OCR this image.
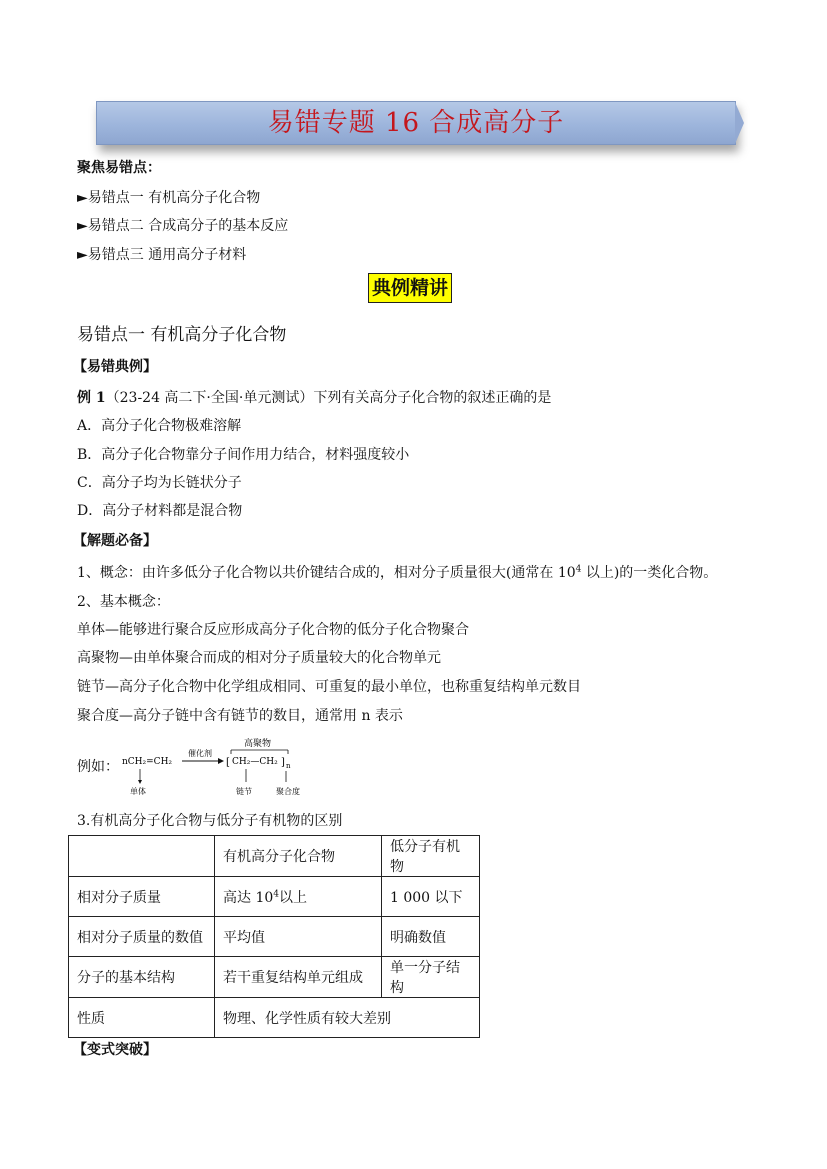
易错专题 16 合成高分子
聚焦易错点：
►易错点一 有机高分子化合物
►易错点二 合成高分子的基本反应
►易错点三 通用高分子材料
典例精讲
易错点一 有机高分子化合物
【易错典例】
例 1（23-24 高二下·全国·单元测试）下列有关高分子化合物的叙述正确的是
A．高分子化合物极难溶解
B．高分子化合物靠分子间作用力结合，材料强度较小
C．高分子均为长链状分子
D．高分子材料都是混合物
【解题必备】
1、概念：由许多低分子化合物以共价键结合成的，相对分子质量很大(通常在 $10^4$ 以上)的一类化合物。
2、基本概念：
单体—能够进行聚合反应形成高分子化合物的低分子化合物聚合
高聚物—由单体聚合而成的相对分子质量较大的化合物单元
链节—高分子化合物中化学组成相同、可重复的最小单位，也称重复结构单元数目
聚合度—高分子链中含有链节的数目，通常用 n 表示
例如： nCH₂=CH₂
催化剂
高聚物
[ CH₂—CH₂ ] n
单体	链节	聚合度
3.有机高分子化合物与低分子有机物的区别
	有机高分子化合物	低分子有机物
相对分子质量	高达 $10^4$以上	1 000 以下
相对分子质量的数值	平均值	明确数值
分子的基本结构	若干重复结构单元组成	单一分子结构
性质	物理、化学性质有较大差别	
【变式突破】
